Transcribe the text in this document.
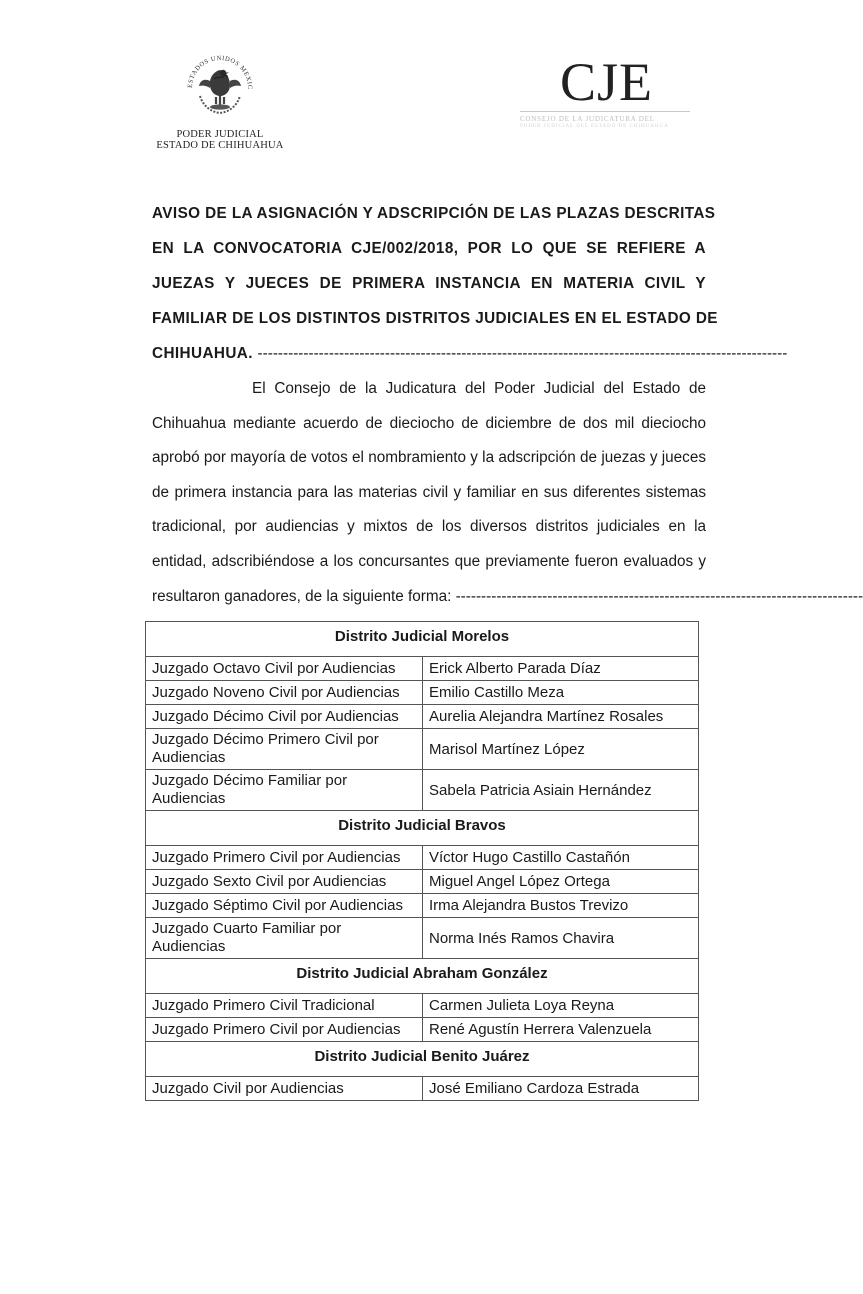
ESTADOS UNIDOS MEXIC
PODER JUDICIAL
ESTADO DE CHIHUAHUA
CJE
CONSEJO DE LA JUDICATURA DEL
PODER JUDICIAL DEL ESTADO DE CHIHUAHUA
AVISO DE LA ASIGNACIÓN Y ADSCRIPCIÓN DE LAS PLAZAS DESCRITAS
EN LA CONVOCATORIA CJE/002/2018, POR LO QUE SE REFIERE A
JUEZAS Y JUECES DE PRIMERA INSTANCIA EN MATERIA CIVIL Y
FAMILIAR DE LOS DISTINTOS DISTRITOS JUDICIALES EN EL ESTADO DE
CHIHUAHUA. --------------------------------------------------------------------------------------------------------
El Consejo de la Judicatura del Poder Judicial del Estado de
Chihuahua mediante acuerdo de dieciocho de diciembre de dos mil dieciocho
aprobó por mayoría de votos el nombramiento y la adscripción de juezas y jueces
de primera instancia para las materias civil y familiar en sus diferentes sistemas
tradicional, por audiencias y mixtos de los diversos distritos judiciales en la
entidad, adscribiéndose a los concursantes que previamente fueron evaluados y
resultaron ganadores, de la siguiente forma: --------------------------------------------------------------------------------
Distrito Judicial Morelos	
Juzgado Octavo Civil por Audiencias	Erick Alberto Parada Díaz
Juzgado Noveno Civil por Audiencias	Emilio Castillo Meza
Juzgado Décimo Civil por Audiencias	Aurelia Alejandra Martínez Rosales
Juzgado Décimo Primero Civil por Audiencias	Marisol Martínez López
Juzgado Décimo Familiar por Audiencias	Sabela Patricia Asiain Hernández
Distrito Judicial Bravos	
Juzgado Primero Civil por Audiencias	Víctor Hugo Castillo Castañón
Juzgado Sexto Civil por Audiencias	Miguel Angel López Ortega
Juzgado Séptimo Civil por Audiencias	Irma Alejandra Bustos Trevizo
Juzgado Cuarto Familiar por Audiencias	Norma Inés Ramos Chavira
Distrito Judicial Abraham González	
Juzgado Primero Civil Tradicional	Carmen Julieta Loya Reyna
Juzgado Primero Civil por Audiencias	René Agustín Herrera Valenzuela
Distrito Judicial Benito Juárez	
Juzgado Civil por Audiencias	José Emiliano Cardoza Estrada
